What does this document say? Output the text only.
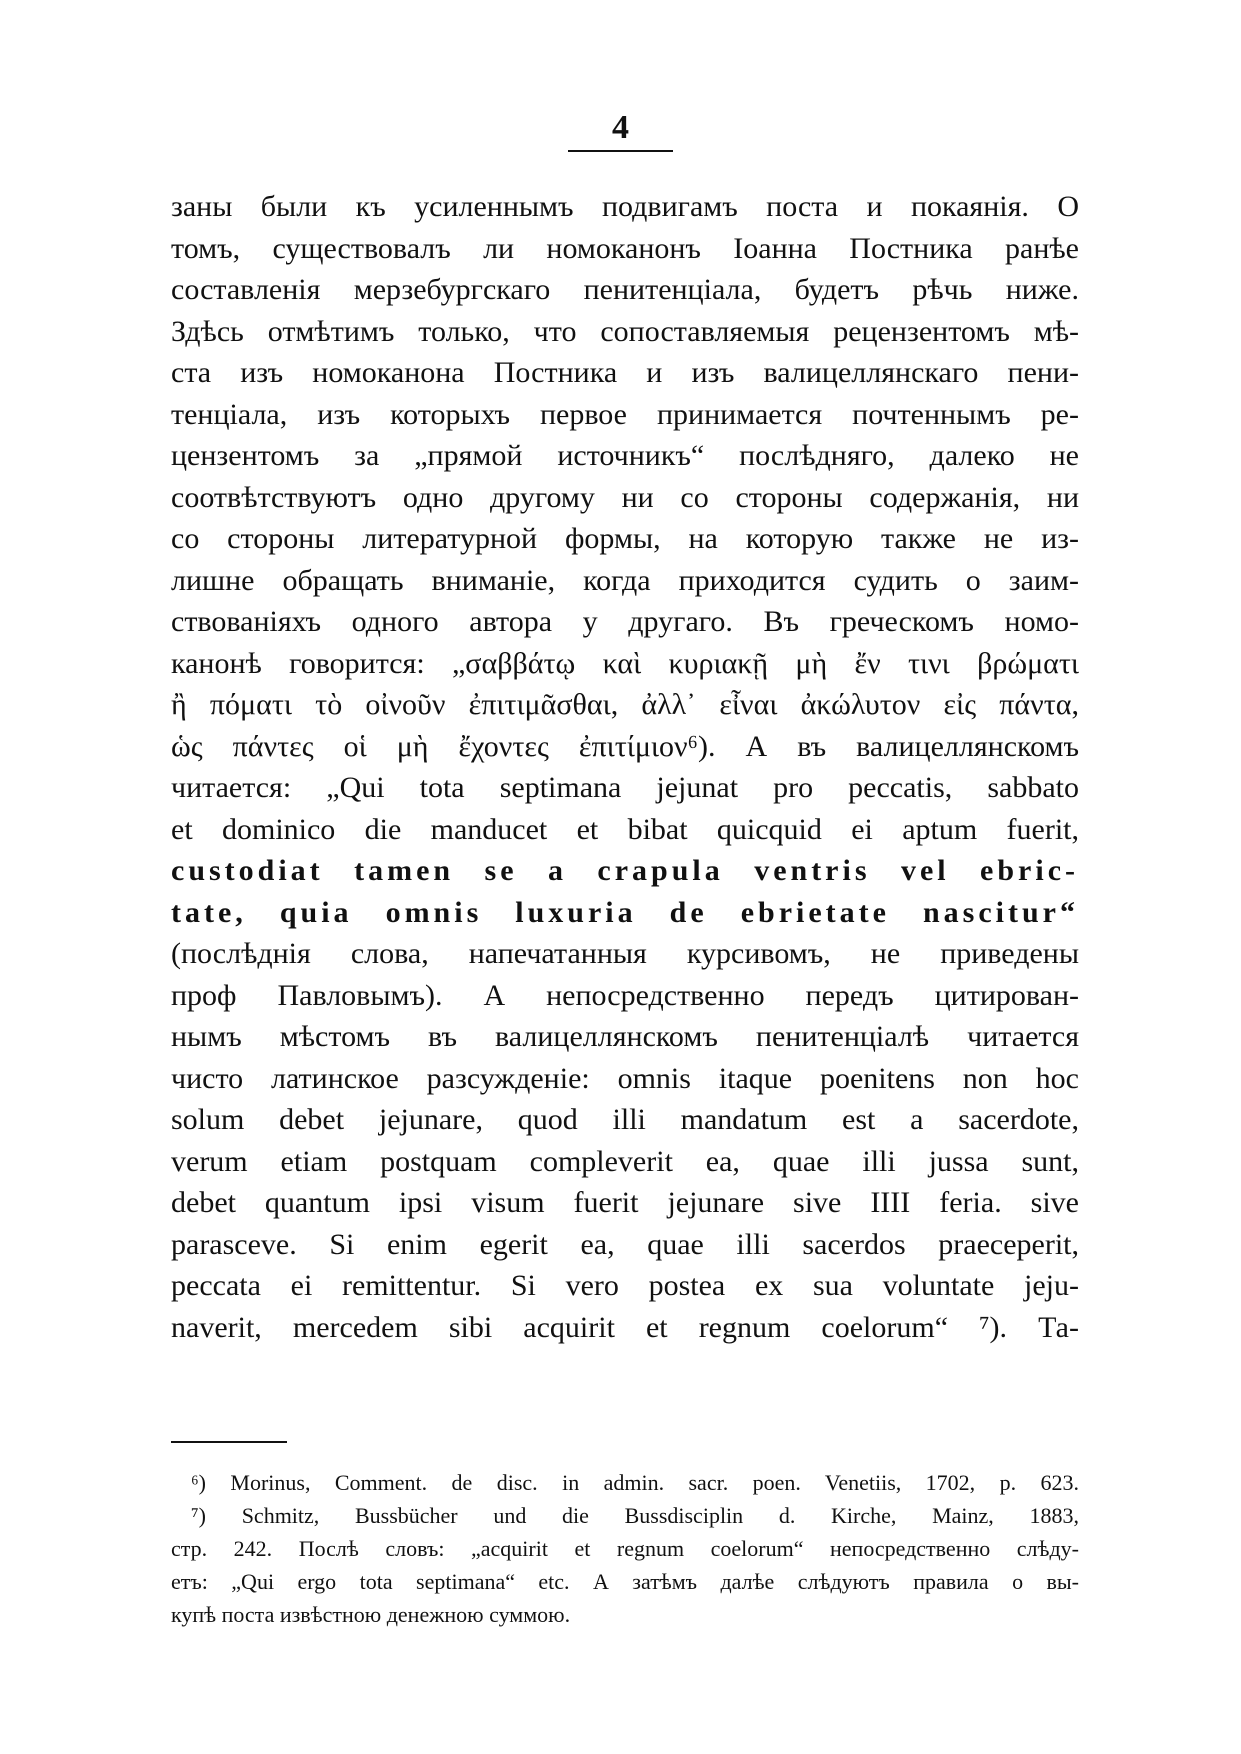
4
заны были къ усиленнымъ подвигамъ поста и покаянія. О
томъ, существовалъ ли номоканонъ Іоанна Постника ранѣе
составленія мерзебургскаго пенитенціала, будетъ рѣчь ниже.
Здѣсь отмѣтимъ только, что сопоставляемыя рецензентомъ мѣ-
ста изъ номоканона Постника и изъ валицеллянскаго пени-
тенціала, изъ которыхъ первое принимается почтеннымъ ре-
цензентомъ за „прямой источникъ“ послѣдняго, далеко не
соотвѣтствуютъ одно другому ни со стороны содержанія, ни
со стороны литературной формы, на которую также не из-
лишне обращать вниманіе, когда приходится судить о заим-
ствованіяхъ одного автора у другаго. Въ греческомъ номо-
канонѣ говорится: „σαββάτῳ καὶ κυριακῇ μὴ ἔν τινι βρώματι
ἢ πόματι τὸ οἰνοῦν ἐπιτιμᾶσθαι, ἀλλ᾽ εἶναι ἀκώλυτον εἰς πάντα,
ὡς πάντες οἱ μὴ ἔχοντες ἐπιτίμιον⁶). А въ валицеллянскомъ
читается: „Qui tota septimana jejunat pro peccatis, sabbato
et dominico die manducet et bibat quicquid ei aptum fuerit,
custodiat tamen se a crapula ventris vel ebric-
tate, quia omnis luxuria de ebrietate nascitur“
(послѣднія слова, напечатанныя курсивомъ, не приведены
проф Павловымъ). А непосредственно передъ цитирован-
нымъ мѣстомъ въ валицеллянскомъ пенитенціалѣ читается
чисто латинское разсужденіе: omnis itaque poenitens non hoc
solum debet jejunare, quod illi mandatum est a sacerdote,
verum etiam postquam compleverit ea, quae illi jussa sunt,
debet quantum ipsi visum fuerit jejunare sive IIII feria. sive
parasceve. Si enim egerit ea, quae illi sacerdos praeceperit,
peccata ei remittentur. Si vero postea ex sua voluntate jeju-
naverit, mercedem sibi acquirit et regnum coelorum“ ⁷). Та-
⁶) Morinus, Comment. de disc. in admin. sacr. poen. Venetiis, 1702, p. 623.
⁷) Schmitz, Bussbücher und die Bussdisciplin d. Kirche, Mainz, 1883,
стр. 242. Послѣ словъ: „acquirit et regnum coelorum“ непосредственно слѣду-
етъ: „Qui ergo tota septimana“ etc. А затѣмъ далѣе слѣдуютъ правила о вы-
купѣ поста извѣстною денежною суммою.
